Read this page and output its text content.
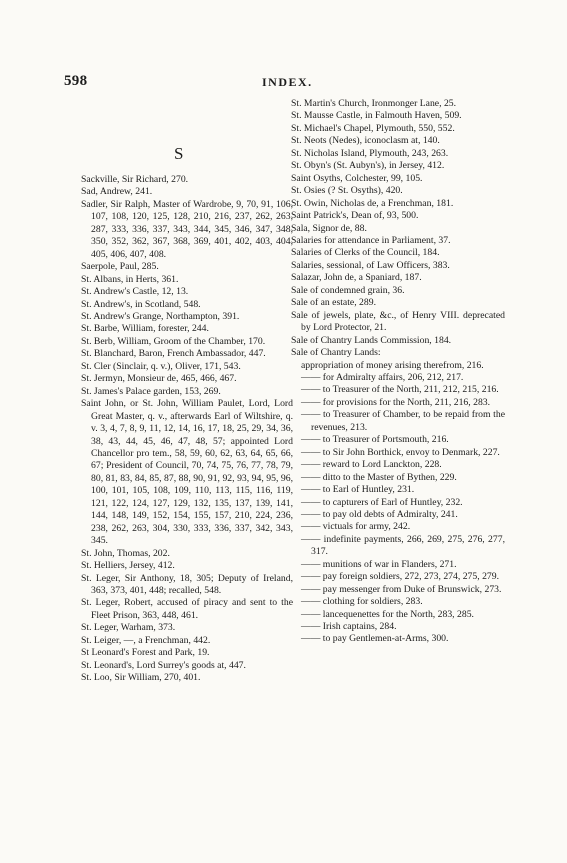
598	INDEX.
S

Sackville, Sir Richard, 270.

Sad, Andrew, 241.

Sadler, Sir Ralph, Master of Wardrobe, 9, 70, 91, 106, 107, 108, 120, 125, 128, 210, 216, 237, 262, 263, 287, 333, 336, 337, 343, 344, 345, 346, 347, 348, 350, 352, 362, 367, 368, 369, 401, 402, 403, 404, 405, 406, 407, 408.

Saerpole, Paul, 285.

St. Albans, in Herts, 361.

St. Andrew's Castle, 12, 13.

St. Andrew's, in Scotland, 548.

St. Andrew's Grange, Northampton, 391.

St. Barbe, William, forester, 244.

St. Berb, William, Groom of the Chamber, 170.

St. Blanchard, Baron, French Ambassador, 447.

St. Cler (Sinclair, q. v.), Oliver, 171, 543.

St. Jermyn, Monsieur de, 465, 466, 467.

St. James's Palace garden, 153, 269.

Saint John, or St. John, William Paulet, Lord, Lord Great Master, q. v., afterwards Earl of Wiltshire, q. v. 3, 4, 7, 8, 9, 11, 12, 14, 16, 17, 18, 25, 29, 34, 36, 38, 43, 44, 45, 46, 47, 48, 57; appointed Lord Chancellor pro tem., 58, 59, 60, 62, 63, 64, 65, 66, 67; President of Council, 70, 74, 75, 76, 77, 78, 79, 80, 81, 83, 84, 85, 87, 88, 90, 91, 92, 93, 94, 95, 96, 100, 101, 105, 108, 109, 110, 113, 115, 116, 119, 121, 122, 124, 127, 129, 132, 135, 137, 139, 141, 144, 148, 149, 152, 154, 155, 157, 210, 224, 236, 238, 262, 263, 304, 330, 333, 336, 337, 342, 343, 345.

St. John, Thomas, 202.

St. Helliers, Jersey, 412.

St. Leger, Sir Anthony, 18, 305; Deputy of Ireland, 363, 373, 401, 448; recalled, 548.

St. Leger, Robert, accused of piracy and sent to the Fleet Prison, 363, 448, 461.

St. Leger, Warham, 373.

St. Leiger, —, a Frenchman, 442.

St Leonard's Forest and Park, 19.

St. Leonard's, Lord Surrey's goods at, 447.

St. Loo, Sir William, 270, 401.

St. Martin's Church, Ironmonger Lane, 25.

St. Mausse Castle, in Falmouth Haven, 509.

St. Michael's Chapel, Plymouth, 550, 552.

St. Neots (Nedes), iconoclasm at, 140.

St. Nicholas Island, Plymouth, 243, 263.

St. Obyn's (St. Aubyn's), in Jersey, 412.

Saint Osyths, Colchester, 99, 105.

St. Osies (? St. Osyths), 420.

St. Owin, Nicholas de, a Frenchman, 181.

Saint Patrick's, Dean of, 93, 500.

Sala, Signor de, 88.

Salaries for attendance in Parliament, 37.

Salaries of Clerks of the Council, 184.

Salaries, sessional, of Law Officers, 383.

Salazar, John de, a Spaniard, 187.

Sale of condemned grain, 36.

Sale of an estate, 289.

Sale of jewels, plate, &c., of Henry VIII. deprecated by Lord Protector, 21.

Sale of Chantry Lands Commission, 184.

Sale of Chantry Lands:

appropriation of money arising therefrom, 216.

—— for Admiralty affairs, 206, 212, 217.

—— to Treasurer of the North, 211, 212, 215, 216.

—— for provisions for the North, 211, 216, 283.

—— to Treasurer of Chamber, to be repaid from the revenues, 213.

—— to Treasurer of Portsmouth, 216.

—— to Sir John Borthick, envoy to Denmark, 227.

—— reward to Lord Lanckton, 228.

—— ditto to the Master of Bythen, 229.

—— to Earl of Huntley, 231.

—— to capturers of Earl of Huntley, 232.

—— to pay old debts of Admiralty, 241.

—— victuals for army, 242.

—— indefinite payments, 266, 269, 275, 276, 277, 317.

—— munitions of war in Flanders, 271.

—— pay foreign soldiers, 272, 273, 274, 275, 279.

—— pay messenger from Duke of Brunswick, 273.

—— clothing for soldiers, 283.

—— lancequenettes for the North, 283, 285.

—— Irish captains, 284.

—— to pay Gentlemen-at-Arms, 300.
